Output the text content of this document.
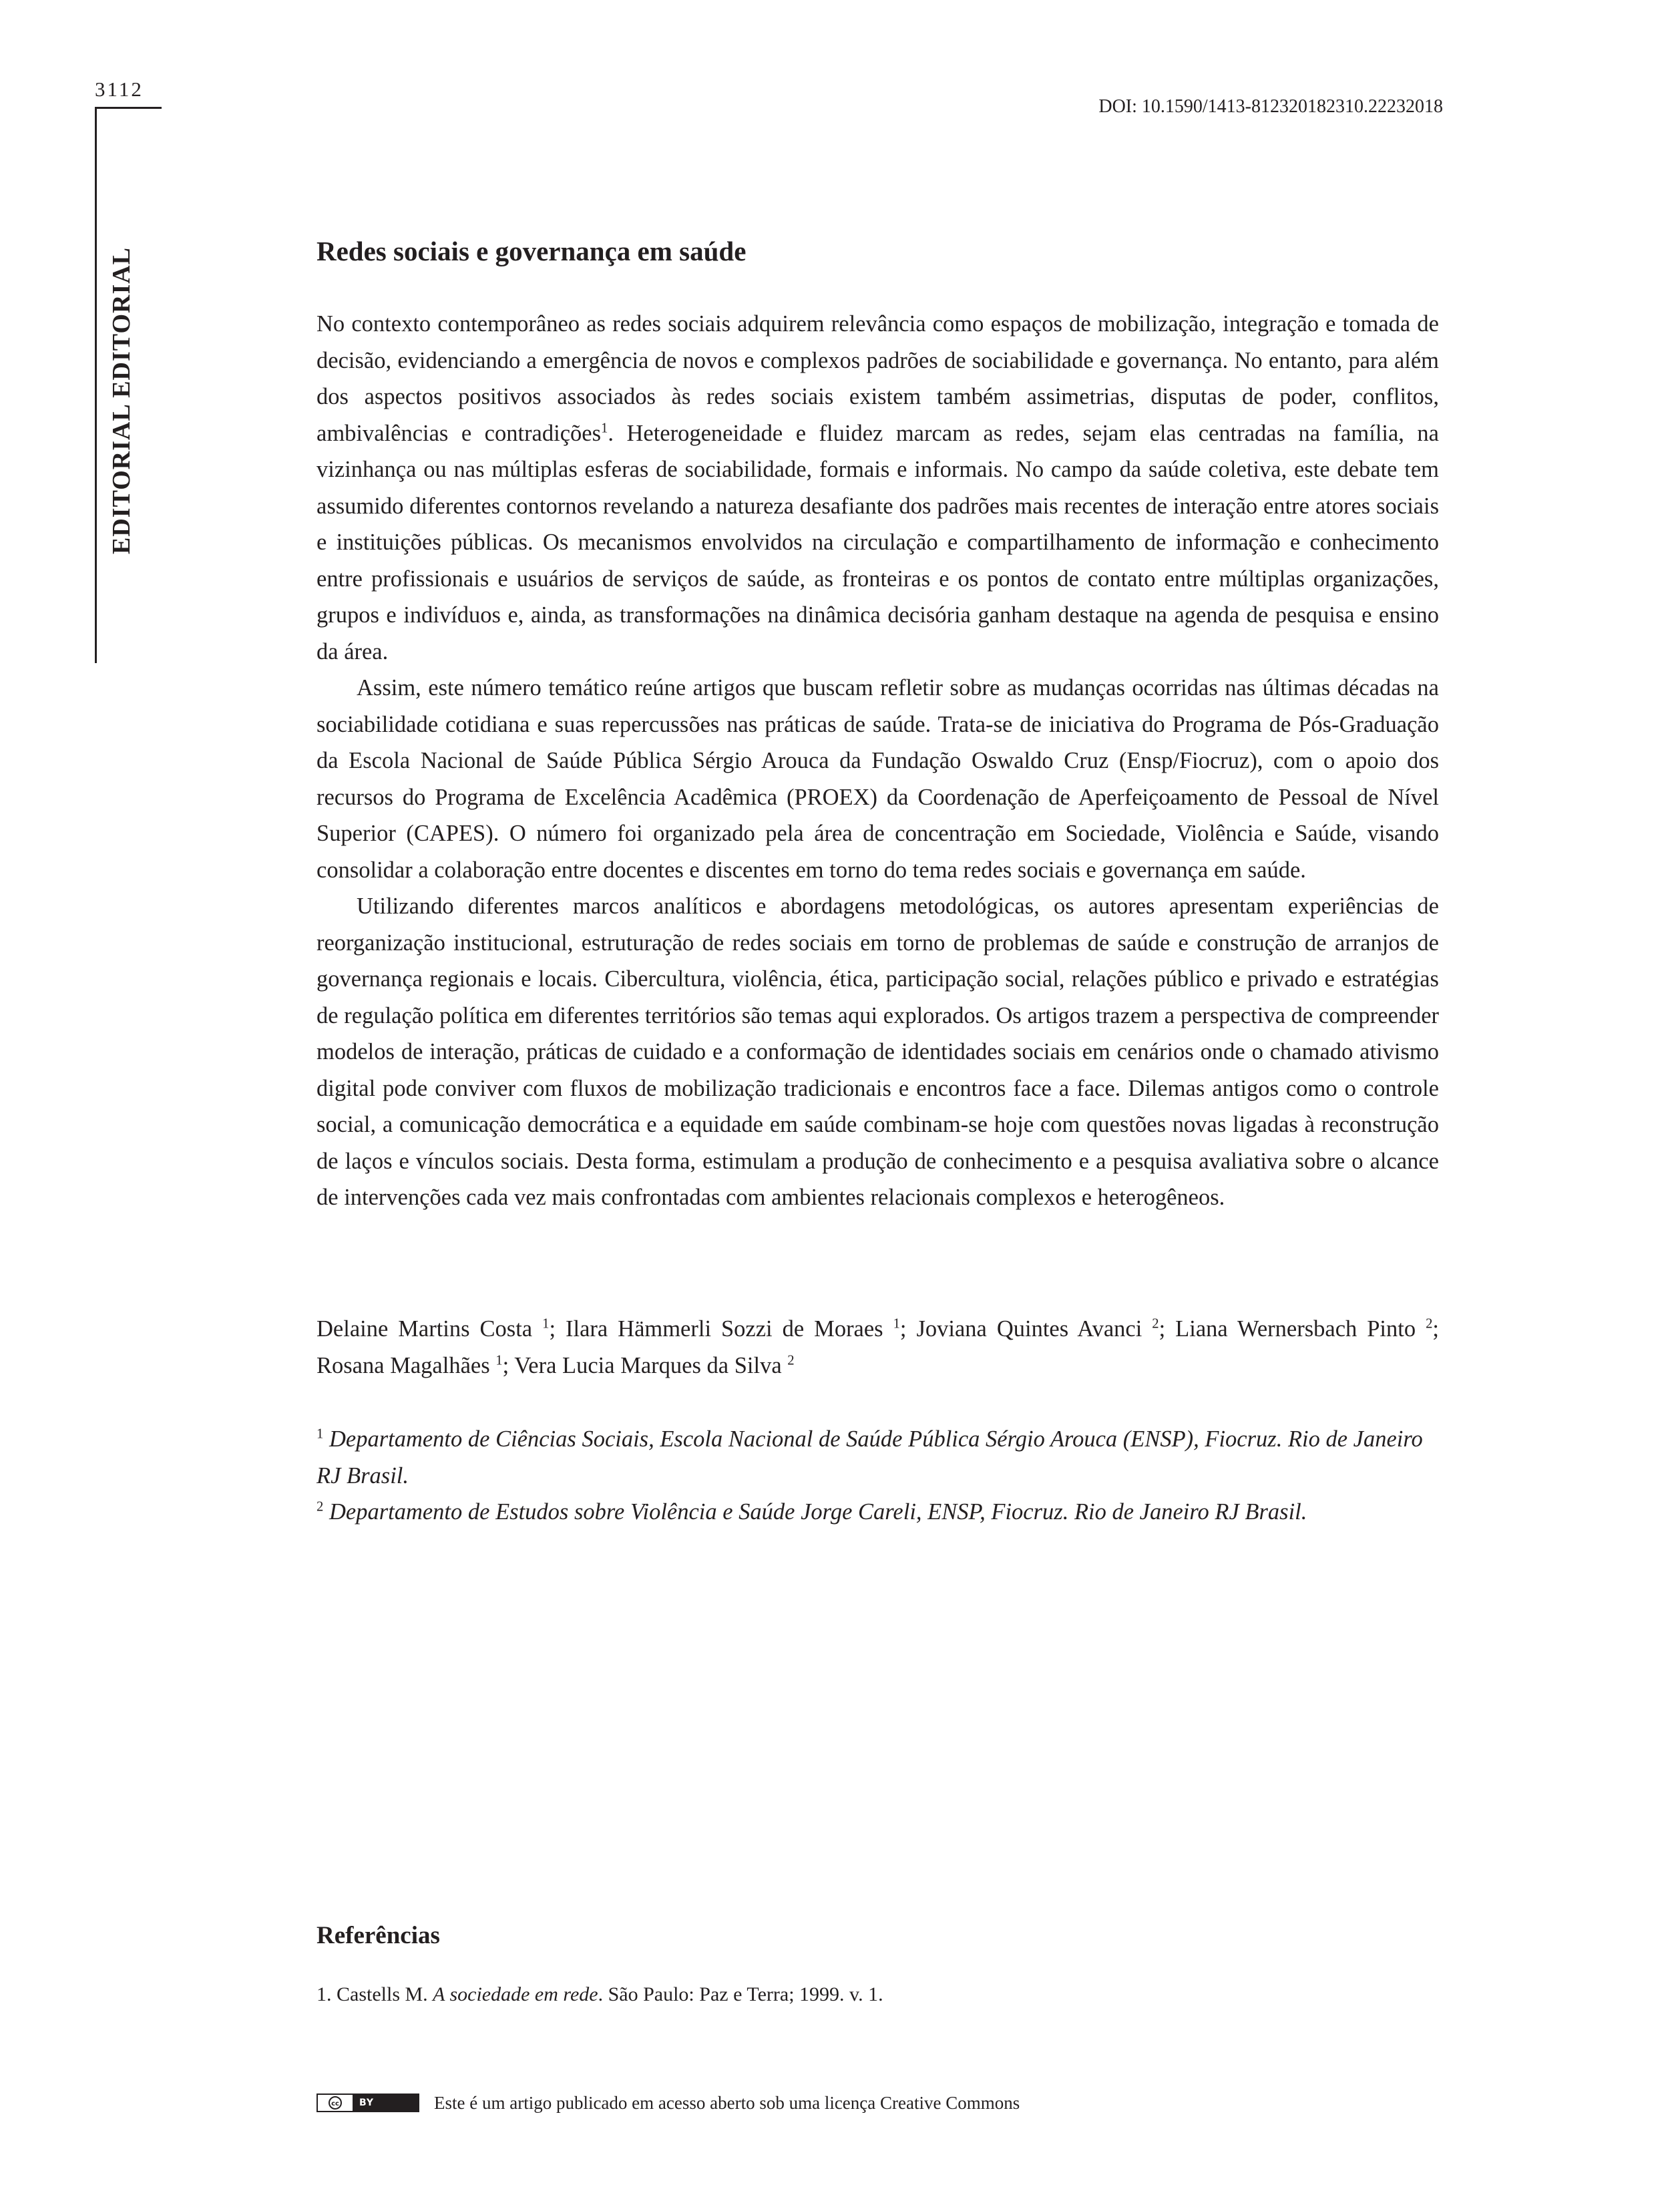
3112
EDITORIAL EDITORIAL
DOI: 10.1590/1413-812320182310.22232018
Redes sociais e governança em saúde

No contexto contemporâneo as redes sociais adquirem relevância como espaços de mobilização, integração e tomada de decisão, evidenciando a emergência de novos e complexos padrões de sociabilidade e governança. No entanto, para além dos aspectos positivos associados às redes sociais existem também assimetrias, disputas de poder, conflitos, ambivalências e contradições$^1$. Heterogeneidade e fluidez marcam as redes, sejam elas centradas na família, na vizinhança ou nas múltiplas esferas de sociabilidade, formais e informais. No campo da saúde coletiva, este debate tem assumido diferentes contornos revelando a natureza desafiante dos padrões mais recentes de interação entre atores sociais e instituições públicas. Os mecanismos envolvidos na circulação e compartilhamento de informação e conhecimento entre profissionais e usuários de serviços de saúde, as fronteiras e os pontos de contato entre múltiplas organizações, grupos e indivíduos e, ainda, as transformações na dinâmica decisória ganham destaque na agenda de pesquisa e ensino da área.

Assim, este número temático reúne artigos que buscam refletir sobre as mudanças ocorridas nas últimas décadas na sociabilidade cotidiana e suas repercussões nas práticas de saúde. Trata-se de iniciativa do Programa de Pós-Graduação da Escola Nacional de Saúde Pública Sérgio Arouca da Fundação Oswaldo Cruz (Ensp/Fiocruz), com o apoio dos recursos do Programa de Excelência Acadêmica (PROEX) da Coordenação de Aperfeiçoamento de Pessoal de Nível Superior (CAPES). O número foi organizado pela área de concentração em Sociedade, Violência e Saúde, visando consolidar a colaboração entre docentes e discentes em torno do tema redes sociais e governança em saúde.

Utilizando diferentes marcos analíticos e abordagens metodológicas, os autores apresentam experiências de reorganização institucional, estruturação de redes sociais em torno de problemas de saúde e construção de arranjos de governança regionais e locais. Cibercultura, violência, ética, participação social, relações público e privado e estratégias de regulação política em diferentes territórios são temas aqui explorados. Os artigos trazem a perspectiva de compreender modelos de interação, práticas de cuidado e a conformação de identidades sociais em cenários onde o chamado ativismo digital pode conviver com fluxos de mobilização tradicionais e encontros face a face. Dilemas antigos como o controle social, a comunicação democrática e a equidade em saúde combinam-se hoje com questões novas ligadas à reconstrução de laços e vínculos sociais. Desta forma, estimulam a produção de conhecimento e a pesquisa avaliativa sobre o alcance de intervenções cada vez mais confrontadas com ambientes relacionais complexos e heterogêneos.

Delaine Martins Costa $^1$; Ilara Hämmerli Sozzi de Moraes $^1$; Joviana Quintes Avanci $^2$; Liana Wernersbach Pinto $^2$; Rosana Magalhães $^1$; Vera Lucia Marques da Silva $^2$

$^1$ Departamento de Ciências Sociais, Escola Nacional de Saúde Pública Sérgio Arouca (ENSP), Fiocruz. Rio de Janeiro RJ Brasil.

$^2$ Departamento de Estudos sobre Violência e Saúde Jorge Careli, ENSP, Fiocruz. Rio de Janeiro RJ Brasil.

Referências

1. Castells M. A sociedade em rede. São Paulo: Paz e Terra; 1999. v. 1.

cc	BY	Este é um artigo publicado em acesso aberto sob uma licença Creative Commons
